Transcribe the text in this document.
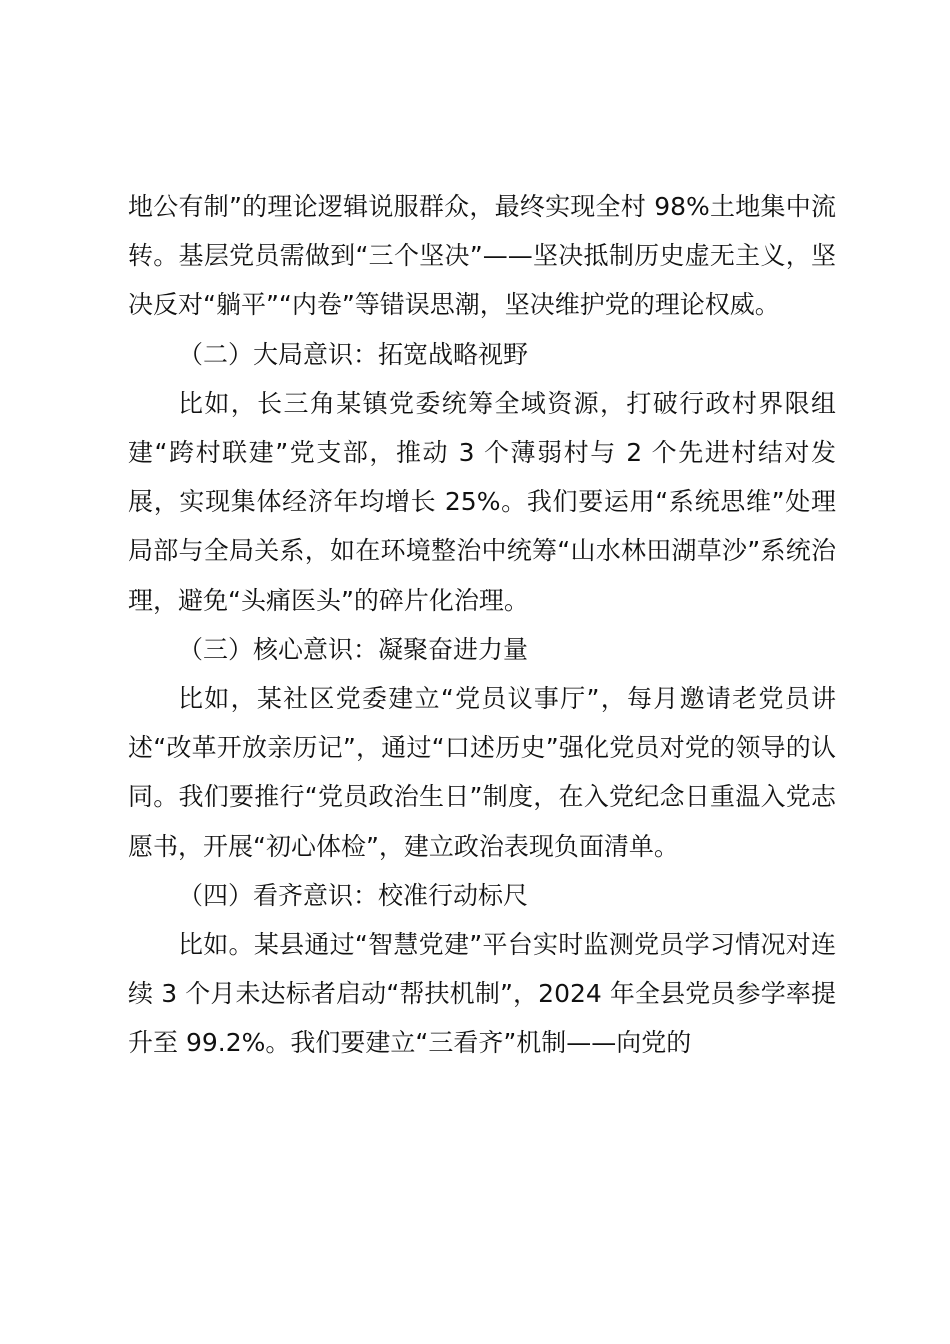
地公有制”的理论逻辑说服群众，最终实现全村 98%土地集中流转。基层党员需做到“三个坚决”——坚决抵制历史虚无主义，坚决反对“躺平”“内卷”等错误思潮，坚决维护党的理论权威。

（二）大局意识：拓宽战略视野

比如，长三角某镇党委统筹全域资源，打破行政村界限组建“跨村联建”党支部，推动 3 个薄弱村与 2 个先进村结对发展，实现集体经济年均增长 25%。我们要运用“系统思维”处理局部与全局关系，如在环境整治中统筹“山水林田湖草沙”系统治理，避免“头痛医头”的碎片化治理。

（三）核心意识：凝聚奋进力量

比如，某社区党委建立“党员议事厅”，每月邀请老党员讲述“改革开放亲历记”，通过“口述历史”强化党员对党的领导的认同。我们要推行“党员政治生日”制度，在入党纪念日重温入党志愿书，开展“初心体检”，建立政治表现负面清单。

（四）看齐意识：校准行动标尺

比如。某县通过“智慧党建”平台实时监测党员学习情况对连续 3 个月未达标者启动“帮扶机制”，2024 年全县党员参学率提升至 99.2%。我们要建立“三看齐”机制——向党的
